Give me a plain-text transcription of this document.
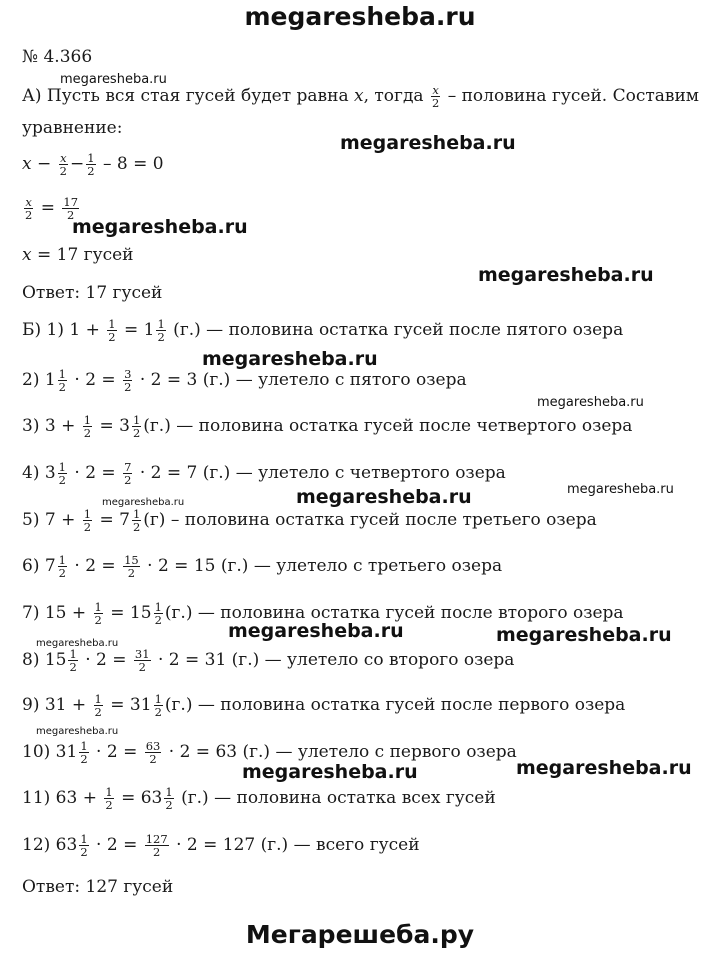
megaresheba.ru
Мегарешеба.ру
megaresheba.ru
megaresheba.ru
megaresheba.ru
megaresheba.ru
megaresheba.ru
megaresheba.ru
megaresheba.ru	megaresheba.ru
megaresheba.ru
megaresheba.ru	megaresheba.ru
megaresheba.ru
megaresheba.ru
megaresheba.ru	megaresheba.ru
№ 4.366
А) Пусть вся стая гусей будет равна x, тогда $\frac{x}{2}$ – половина гусей. Составим
уравнение:
$x - \frac{x}{2} - \frac{1}{2} - 8 = 0$
$\frac{x}{2} = \frac{17}{2}$
x = 17 гусей
Ответ: 17 гусей
Б) 1) $1 + \frac{1}{2} = 1 \frac{1}{2} (г.)$ — половина остатка гусей после пятого озера
2) $1 \frac{1}{2} \cdot 2 = \frac{3}{2} \cdot 2 = 3$ (г.) — улетело с пятого озера
3) $3 + \frac{1}{2} = 3 \frac{1}{2} (г.)$ — половина остатка гусей после четвертого озера
4) $3 \frac{1}{2} \cdot 2 = \frac{7}{2} \cdot 2 = 7$ (г.) — улетело с четвертого озера
5) $7 + \frac{1}{2} = 7 \frac{1}{2} (г)$ – половина остатка гусей после третьего озера
6) $7 \frac{1}{2} \cdot 2 = \frac{15}{2} \cdot 2 = 15$ (г.) — улетело с третьего озера
7) $15 + \frac{1}{2} = 15 \frac{1}{2} (г.)$ — половина остатка гусей после второго озера
8) $15 \frac{1}{2} \cdot 2 = \frac{31}{2} \cdot 2 = 31$ (г.) — улетело со второго озера
9) $31 + \frac{1}{2} = 31 \frac{1}{2} (г.)$ — половина остатка гусей после первого озера
10) $31 \frac{1}{2} \cdot 2 = \frac{63}{2} \cdot 2 = 63$ (г.) — улетело с первого озера
11) $63 + \frac{1}{2} = 63 \frac{1}{2} (г.)$ — половина остатка всех гусей
12) $63 \frac{1}{2} \cdot 2 = \frac{127}{2} \cdot 2 = 127$ (г.) — всего гусей
Ответ: 127 гусей
